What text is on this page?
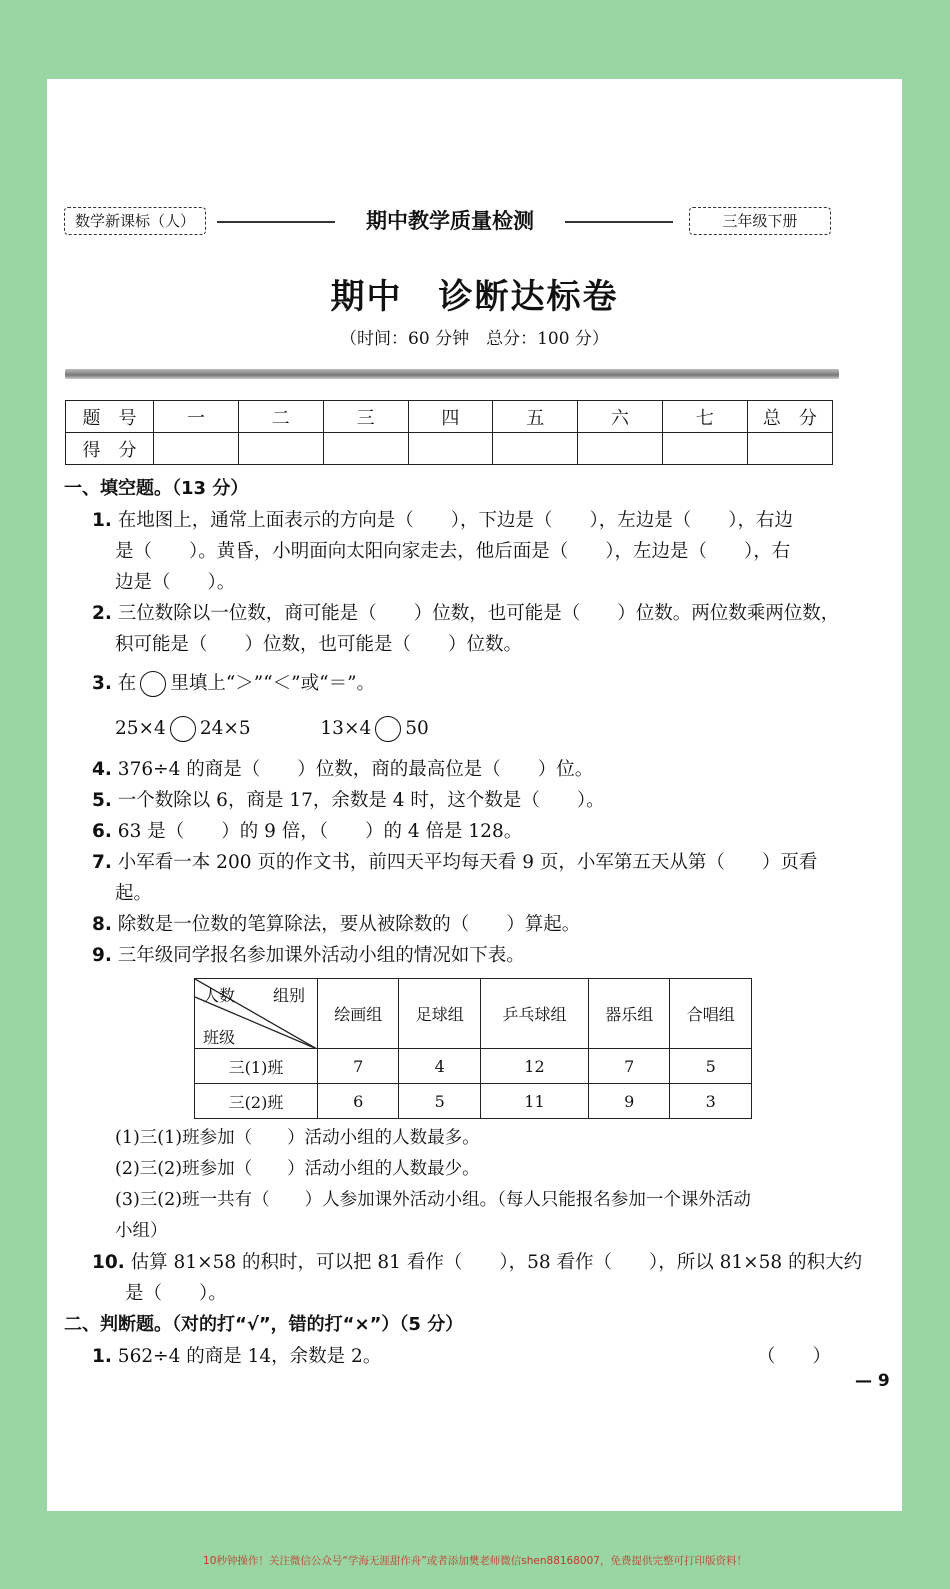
数学新课标（人）	期中教学质量检测	三年级下册
期中　诊断达标卷
（时间：60 分钟　总分：100 分）
题　号	一	二	三	四	五	六	七	总　分
得　分								
一、填空题。（13 分）
1. 在地图上，通常上面表示的方向是（　　），下边是（　　），左边是（　　），右边
是（　　）。黄昏，小明面向太阳向家走去，他后面是（　　），左边是（　　），右
边是（　　）。
2. 三位数除以一位数，商可能是（　　）位数，也可能是（　　）位数。两位数乘两位数，
积可能是（　　）位数，也可能是（　　）位数。
3. 在 里填上“＞”“＜”或“＝”。
25×4 24×5	13×4 50
4. 376÷4 的商是（　　）位数，商的最高位是（　　）位。
5. 一个数除以 6，商是 17，余数是 4 时，这个数是（　　）。
6. 63 是（　　）的 9 倍，（　　）的 4 倍是 128。
7. 小军看一本 200 页的作文书，前四天平均每天看 9 页，小军第五天从第（　　）页看
起。
8. 除数是一位数的笔算除法，要从被除数的（　　）算起。
9. 三年级同学报名参加课外活动小组的情况如下表。
人数 组别
班级	绘画组	足球组	乒乓球组	器乐组	合唱组
三(1)班	7	4	12	7	5
三(2)班	6	5	11	9	3
(1)三(1)班参加（　　）活动小组的人数最多。
(2)三(2)班参加（　　）活动小组的人数最少。
(3)三(2)班一共有（　　）人参加课外活动小组。（每人只能报名参加一个课外活动
小组）
10. 估算 81×58 的积时，可以把 81 看作（　　），58 看作（　　），所以 81×58 的积大约
是（　　）。
二、判断题。（对的打“√”，错的打“×”）（5 分）
1. 562÷4 的商是 14，余数是 2。	（　　）
— 9
10秒钟操作！关注微信公众号“学海无涯甜作舟”或者添加樊老师微信shen88168007，免费提供完整可打印版资料！
